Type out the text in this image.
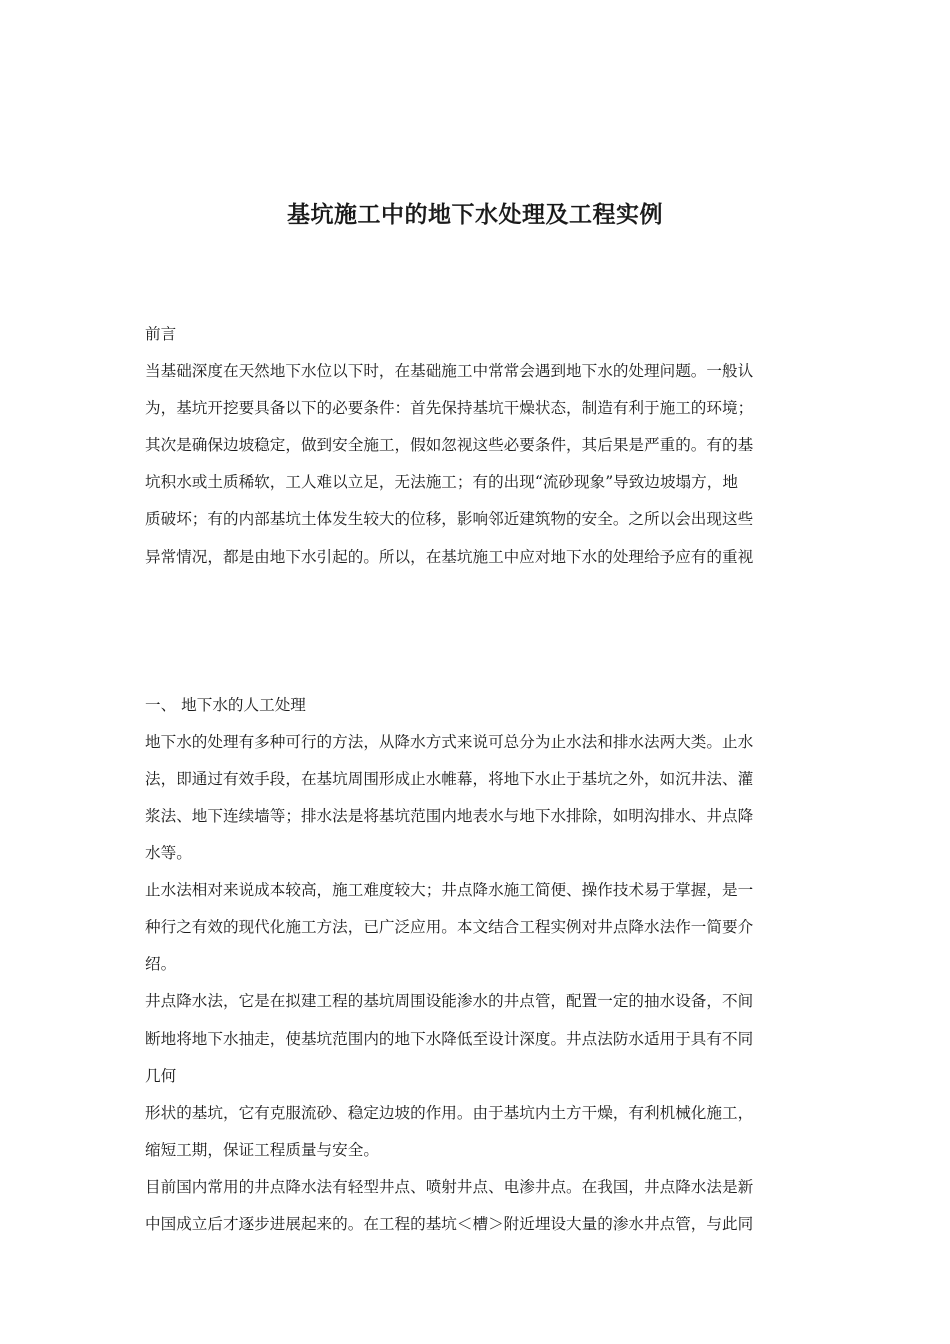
基坑施工中的地下水处理及工程实例

前言

当基础深度在天然地下水位以下时，在基础施工中常常会遇到地下水的处理问题。一般认

为，基坑开挖要具备以下的必要条件：首先保持基坑干燥状态，制造有利于施工的环境；

其次是确保边坡稳定，做到安全施工，假如忽视这些必要条件，其后果是严重的。有的基

坑积水或土质稀软，工人难以立足，无法施工；有的出现“流砂现象”导致边坡塌方，地

质破坏；有的内部基坑土体发生较大的位移，影响邻近建筑物的安全。之所以会出现这些

异常情况，都是由地下水引起的。所以，在基坑施工中应对地下水的处理给予应有的重视

一、 地下水的人工处理

地下水的处理有多种可行的方法，从降水方式来说可总分为止水法和排水法两大类。止水

法，即通过有效手段，在基坑周围形成止水帷幕，将地下水止于基坑之外，如沉井法、灌

浆法、地下连续墙等；排水法是将基坑范围内地表水与地下水排除，如明沟排水、井点降

水等。

止水法相对来说成本较高，施工难度较大；井点降水施工简便、操作技术易于掌握，是一

种行之有效的现代化施工方法，已广泛应用。本文结合工程实例对井点降水法作一简要介

绍。

井点降水法，它是在拟建工程的基坑周围设能渗水的井点管，配置一定的抽水设备，不间

断地将地下水抽走，使基坑范围内的地下水降低至设计深度。井点法防水适用于具有不同

几何

形状的基坑，它有克服流砂、稳定边坡的作用。由于基坑内土方干燥，有利机械化施工，

缩短工期，保证工程质量与安全。

目前国内常用的井点降水法有轻型井点、喷射井点、电渗井点。在我国，井点降水法是新

中国成立后才逐步进展起来的。在工程的基坑＜槽＞附近埋设大量的渗水井点管，与此同
